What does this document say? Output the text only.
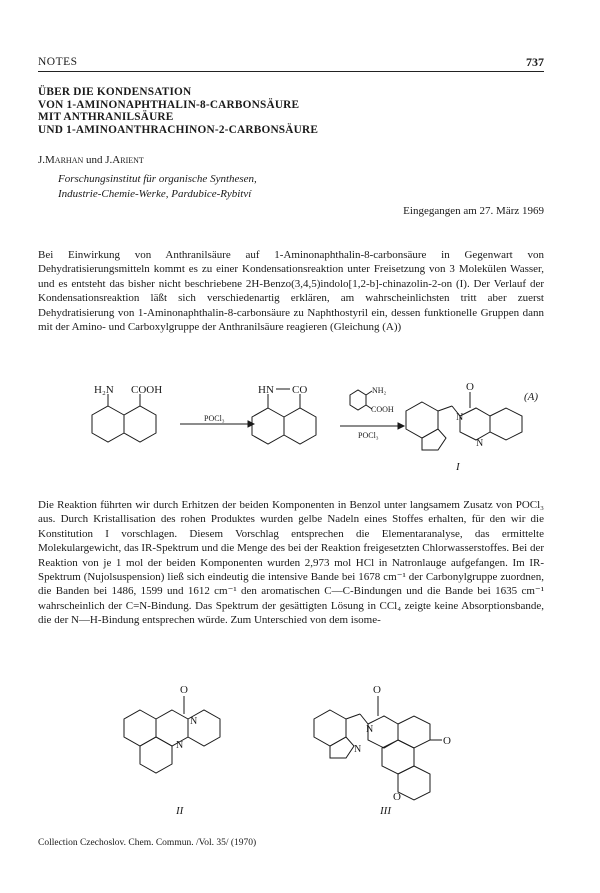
NOTES	737
ÜBER DIE KONDENSATION
VON 1-AMINONAPHTHALIN-8-CARBONSÄURE
MIT ANTHRANILSÄURE
UND 1-AMINOANTHRACHINON-2-CARBONSÄURE
J.Marhan und J.Arient
Forschungsinstitut für organische Synthesen,
Industrie-Chemie-Werke, Pardubice-Rybitví
Eingegangen am 27. März 1969

Bei Einwirkung von Anthranilsäure auf 1-Aminonaphthalin-8-carbonsäure in Gegenwart von Dehydratisierungsmitteln kommt es zu einer Kondensationsreaktion unter Freisetzung von 3 Molekülen Wasser, und es entsteht das bisher nicht beschriebene 2H-Benzo(3,4,5)indolo[1,2-b]-chinazolin-2-on (I). Der Verlauf der Kondensationsreaktion läßt sich verschiedenartig erklären, am wahrscheinlichsten tritt aber zuerst Dehydratisierung von 1-Aminonaphthalin-8-carbonsäure zu Naphthostyril ein, dessen funktionelle Gruppen dann mit der Amino- und Carboxylgruppe der Anthranilsäure reagieren (Gleichung (A))

H₂N COOH
POCl₃
HN CO	NH₂
COOH
POCl₃
O
N
N
(A)
I

Die Reaktion führten wir durch Erhitzen der beiden Komponenten in Benzol unter langsamem Zusatz von POCl₃ aus. Durch Kristallisation des rohen Produktes wurden gelbe Nadeln eines Stoffes erhalten, für den wir die Konstitution I vorschlagen. Diesem Vorschlag entsprechen die Elementaranalyse, das ermittelte Molekulargewicht, das IR-Spektrum und die Menge des bei der Reaktion freigesetzten Chlorwasserstoffes. Bei der Reaktion von je 1 mol der beiden Komponenten wurden 2,973 mol HCl in Natronlauge aufgefangen. Im IR-Spektrum (Nujolsuspension) ließ sich eindeutig die intensive Bande bei 1678 cm⁻¹ der Carbonylgruppe zuordnen, die Banden bei 1486, 1599 und 1612 cm⁻¹ den aromatischen C—C-Bindungen und die Bande bei 1635 cm⁻¹ wahrscheinlich der C=N-Bindung. Das Spektrum der gesättigten Lösung in CCl₄ zeigte keine Absorptionsbande, die der N—H-Bindung entsprechen würde. Zum Unterschied von dem isome-

O
N
N
II
O
N
N
O
O
III
Collection Czechoslov. Chem. Commun. /Vol. 35/ (1970)
